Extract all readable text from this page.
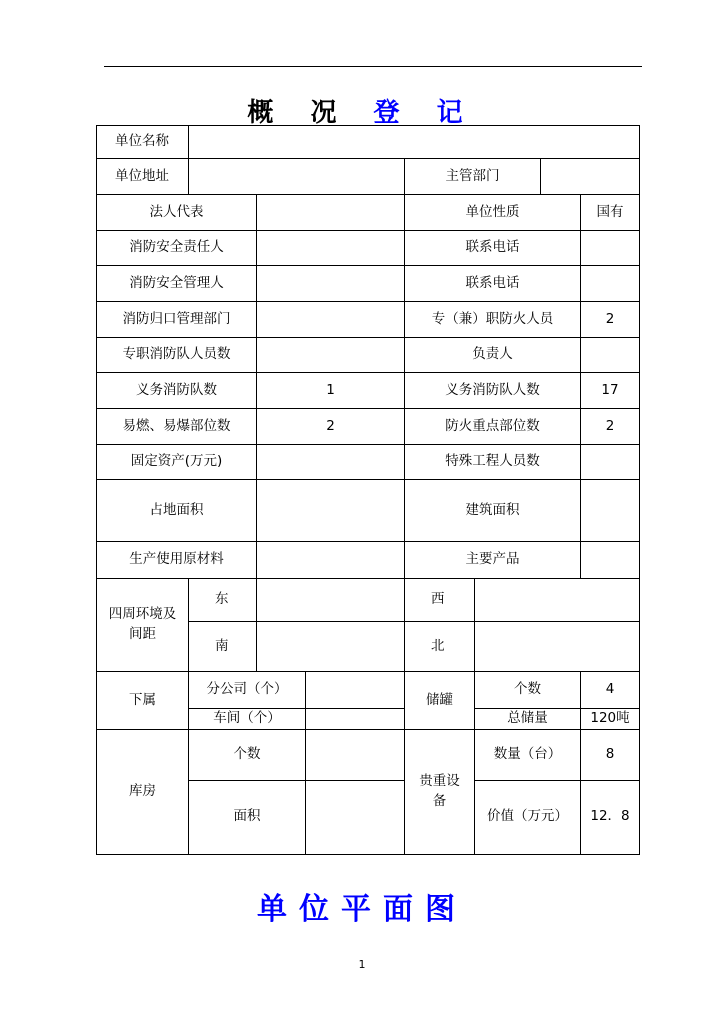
概 况 登 记
单位名称							
单位地址				主管部门			
法人代表				单位性质			国有
消防安全责任人				联系电话			
消防安全管理人				联系电话			
消防归口管理部门				专（兼）职防火人员			2
专职消防队人员数				负责人			
义务消防队数		1		义务消防队人数			17
易燃、易爆部位数		2		防火重点部位数			2
固定资产(万元)				特殊工程人员数			
占地面积				建筑面积			
生产使用原材料				主要产品			
四周环境及间距	东			西			
	南			北			
下属	分公司（个）			储罐	个数		4
	车间（个）				总储量		120吨
库房	个数			贵重设备	数量（台）		8
	面积				价值（万元）		12．8
单位平面图
1
